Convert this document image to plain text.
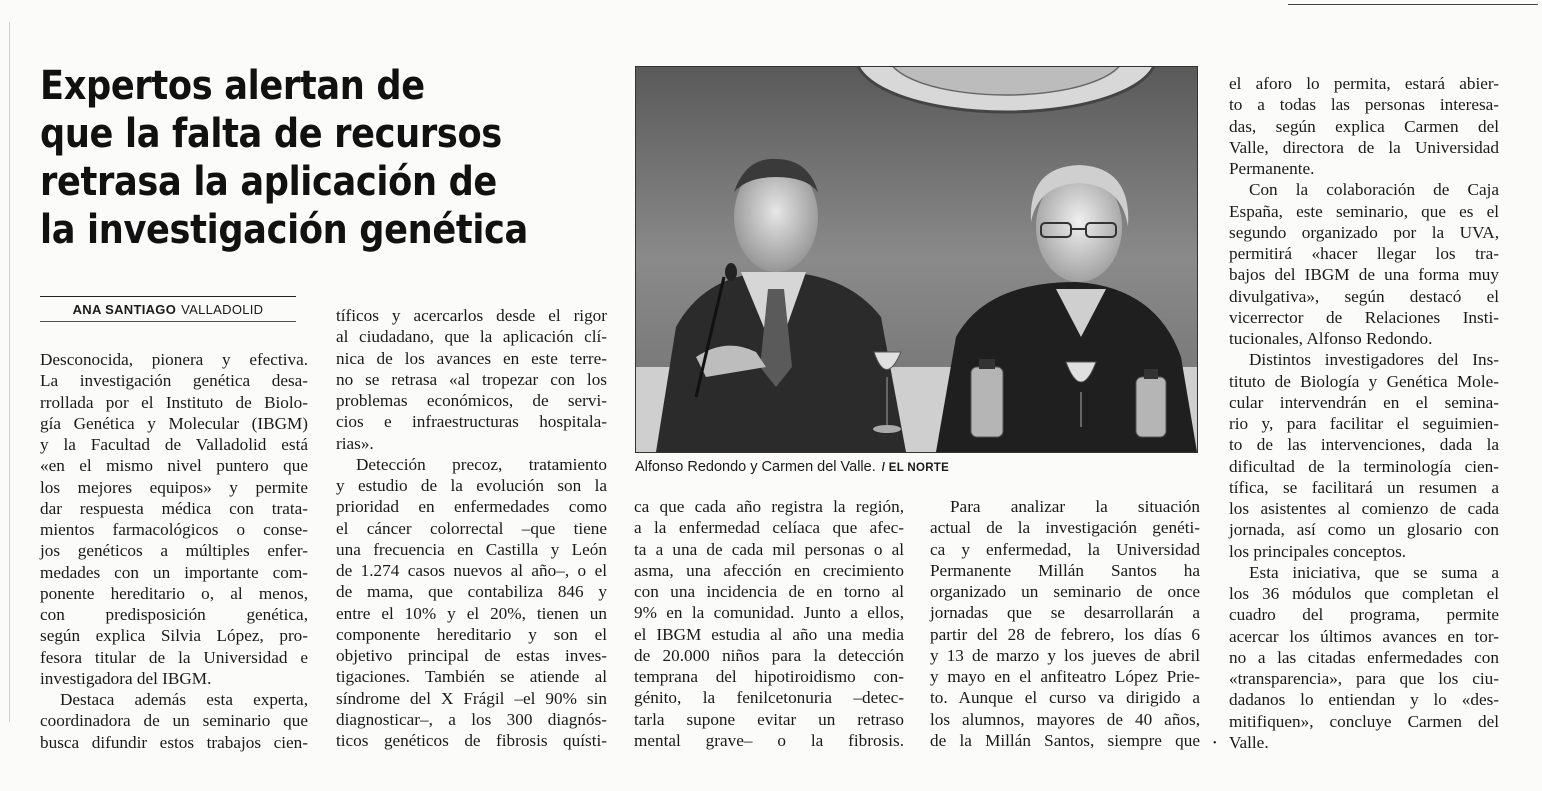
Expertos alertan de
que la falta de recursos
retrasa la aplicación de
la investigación genética
ANA SANTIAGO VALLADOLID

Desconocida, pionera y efectiva.
La investigación genética desa-
rrollada por el Instituto de Biolo-
gía Genética y Molecular (IBGM)
y la Facultad de Valladolid está
«en el mismo nivel puntero que
los mejores equipos» y permite
dar respuesta médica con trata-
mientos farmacológicos o conse-
jos genéticos a múltiples enfer-
medades con un importante com-
ponente hereditario o, al menos,
con predisposición genética,
según explica Silvia López, pro-
fesora titular de la Universidad e
investigadora del IBGM.

Destaca además esta experta,
coordinadora de un seminario que
busca difundir estos trabajos cien-

tíficos y acercarlos desde el rigor
al ciudadano, que la aplicación clí-
nica de los avances en este terre-
no se retrasa «al tropezar con los
problemas económicos, de servi-
cios e infraestructuras hospitala-
rias».

Detección precoz, tratamiento
y estudio de la evolución son la
prioridad en enfermedades como
el cáncer colorrectal –que tiene
una frecuencia en Castilla y León
de 1.274 casos nuevos al año–, o el
de mama, que contabiliza 846 y
entre el 10% y el 20%, tienen un
componente hereditario y son el
objetivo principal de estas inves-
tigaciones. También se atiende al
síndrome del X Frágil –el 90% sin
diagnosticar–, a los 300 diagnós-
ticos genéticos de fibrosis quísti-

ca que cada año registra la región,
a la enfermedad celíaca que afec-
ta a una de cada mil personas o al
asma, una afección en crecimiento
con una incidencia de en torno al
9% en la comunidad. Junto a ellos,
el IBGM estudia al año una media
de 20.000 niños para la detección
temprana del hipotiroidismo con-
génito, la fenilcetonuria –detec-
tarla supone evitar un retraso
mental grave– o la fibrosis.

Para analizar la situación
actual de la investigación genéti-
ca y enfermedad, la Universidad
Permanente Millán Santos ha
organizado un seminario de once
jornadas que se desarrollarán a
partir del 28 de febrero, los días 6
y 13 de marzo y los jueves de abril
y mayo en el anfiteatro López Prie-
to. Aunque el curso va dirigido a
los alumnos, mayores de 40 años,
de la Millán Santos, siempre que

el aforo lo permita, estará abier-
to a todas las personas interesa-
das, según explica Carmen del
Valle, directora de la Universidad
Permanente.

Con la colaboración de Caja
España, este seminario, que es el
segundo organizado por la UVA,
permitirá «hacer llegar los tra-
bajos del IBGM de una forma muy
divulgativa», según destacó el
vicerrector de Relaciones Insti-
tucionales, Alfonso Redondo.

Distintos investigadores del Ins-
tituto de Biología y Genética Mole-
cular intervendrán en el semina-
rio y, para facilitar el seguimien-
to de las intervenciones, dada la
dificultad de la terminología cien-
tífica, se facilitará un resumen a
los asistentes al comienzo de cada
jornada, así como un glosario con
los principales conceptos.

Esta iniciativa, que se suma a
los 36 módulos que completan el
cuadro del programa, permite
acercar los últimos avances en tor-
no a las citadas enfermedades con
«transparencia», para que los ciu-
dadanos lo entiendan y lo «des-
mitifiquen», concluye Carmen del
Valle.

Alfonso Redondo y Carmen del Valle. / EL NORTE
•
